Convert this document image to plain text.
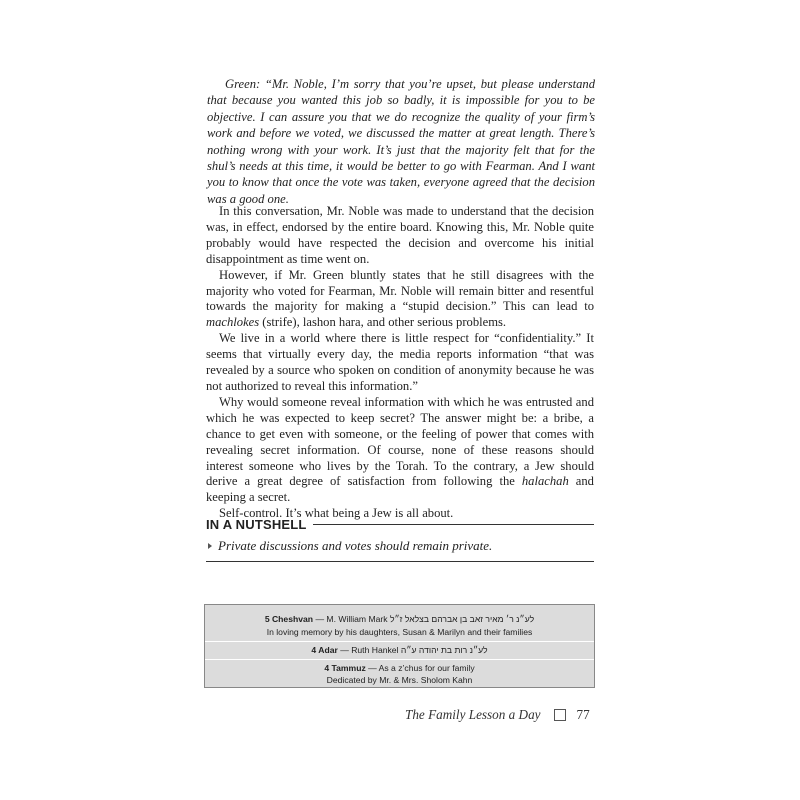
Green: “Mr. Noble, I’m sorry that you’re upset, but please understand that because you wanted this job so badly, it is impossible for you to be objective. I can assure you that we do recognize the quality of your firm’s work and before we voted, we discussed the matter at great length. There’s nothing wrong with your work. It’s just that the majority felt that for the shul’s needs at this time, it would be better to go with Fearman. And I want you to know that once the vote was taken, everyone agreed that the decision was a good one.

In this conversation, Mr. Noble was made to understand that the decision was, in effect, endorsed by the entire board. Knowing this, Mr. Noble quite probably would have respected the decision and overcome his initial disappointment as time went on.

However, if Mr. Green bluntly states that he still disagrees with the majority who voted for Fearman, Mr. Noble will remain bitter and resentful towards the majority for making a “stupid decision.” This can lead to machlokes (strife), lashon hara, and other serious problems.

We live in a world where there is little respect for “confidentiality.” It seems that virtually every day, the media reports information “that was revealed by a source who spoken on condition of anonymity because he was not authorized to reveal this information.”

Why would someone reveal information with which he was entrusted and which he was expected to keep secret? The answer might be: a bribe, a chance to get even with someone, or the feeling of power that comes with revealing secret information. Of course, none of these reasons should interest someone who lives by the Torah. To the contrary, a Jew should derive a great degree of satisfaction from following the halachah and keeping a secret.

Self-control. It’s what being a Jew is all about.

IN A NUTSHELL
Private discussions and votes should remain private.
5 Cheshvan — M. William Mark לע״נ ר׳ מאיר זאב בן אברהם בצלאל ז״ל
In loving memory by his daughters, Susan & Marilyn and their families
4 Adar — Ruth Hankel לע״נ רות בת יהודה ע״ה
4 Tammuz — As a z’chus for our family
Dedicated by Mr. & Mrs. Sholom Kahn
The Family Lesson a Day	77
